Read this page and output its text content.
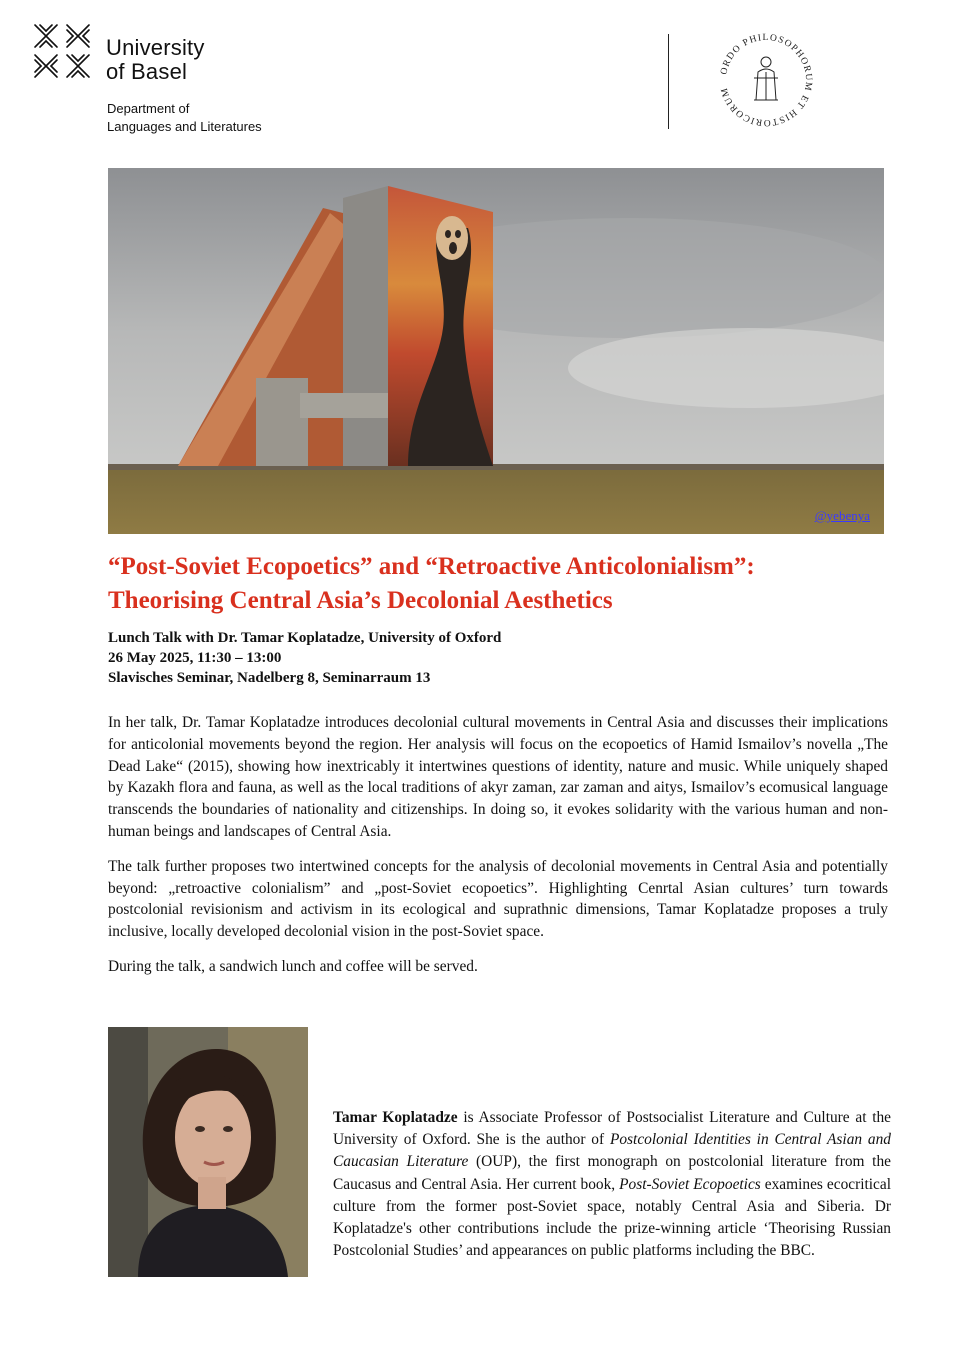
University
of Basel
Department of
Languages and Literatures
ORDO PHILOSOPHORUM ET HISTORICORUM
@yebenya
“Post-Soviet Ecopoetics” and “Retroactive Anticolonialism”:
Theorising Central Asia’s Decolonial Aesthetics
Lunch Talk with Dr. Tamar Koplatadze, University of Oxford
26 May 2025, 11:30 – 13:00
Slavisches Seminar, Nadelberg 8, Seminarraum 13

In her talk, Dr. Tamar Koplatadze introduces decolonial cultural movements in Central Asia and discusses their implications for anticolonial movements beyond the region. Her analysis will focus on the ecopoetics of Hamid Ismailov’s novella „The Dead Lake“ (2015), showing how inextricably it intertwines questions of identity, nature and music. While uniquely shaped by Kazakh flora and fauna, as well as the local traditions of akyr zaman, zar zaman and aitys, Ismailov’s ecomusical language transcends the boundaries of nationality and citizenships. In doing so, it evokes solidarity with the various human and non-human beings and landscapes of Central Asia.

The talk further proposes two intertwined concepts for the analysis of decolonial movements in Central Asia and potentially beyond: „retroactive colonialism” and „post-Soviet ecopoetics”. Highlighting Cenrtal Asian cultures’ turn towards postcolonial revisionism and activism in its ecological and suprathnic dimensions, Tamar Koplatadze proposes a truly inclusive, locally developed decolonial vision in the post-Soviet space.

During the talk, a sandwich lunch and coffee will be served.

Tamar Koplatadze is Associate Professor of Postsocialist Literature and Culture at the University of Oxford. She is the author of Postcolonial Identities in Central Asian and Caucasian Literature (OUP), the first monograph on postcolonial literature from the Caucasus and Central Asia. Her current book, Post-Soviet Ecopoetics examines ecocritical culture from the former post-Soviet space, notably Central Asia and Siberia. Dr Koplatadze's other contributions include the prize-winning article ‘Theorising Russian Postcolonial Studies’ and appearances on public platforms including the BBC.
